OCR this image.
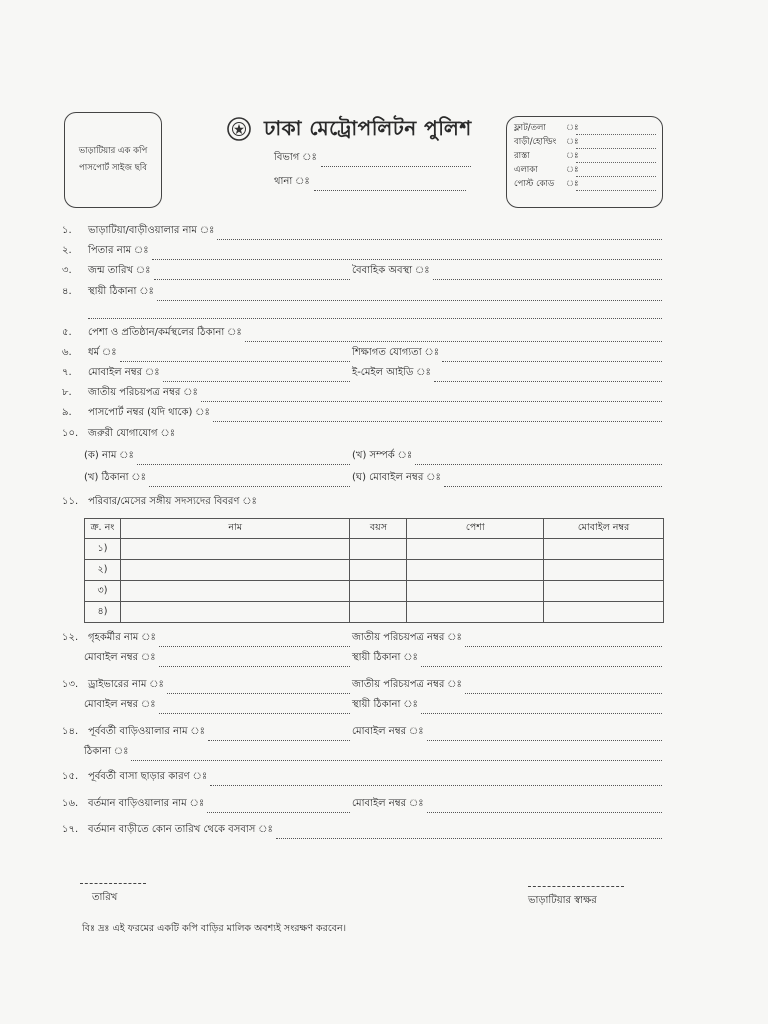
ভাড়াটিয়ার এক কপি পাসপোর্ট সাইজ ছবি
ঢাকা মেট্রোপলিটন পুলিশ
বিভাগ ঃ
থানা ঃ
ফ্লাট/তলা	ঃ
বাড়ী/হোল্ডিং	ঃ
রাস্তা	ঃ
এলাকা	ঃ
পোস্ট কোড	ঃ
১.	ভাড়াটিয়া/বাড়ীওয়ালার নাম ঃ
২.	পিতার নাম ঃ
৩.	জন্ম তারিখ ঃ	বৈবাহিক অবস্থা ঃ
৪.	স্থায়ী ঠিকানা ঃ
৫.	পেশা ও প্রতিষ্ঠান/কর্মস্থলের ঠিকানা ঃ
৬.	ধর্ম ঃ	শিক্ষাগত যোগ্যতা ঃ
৭.	মোবাইল নম্বর ঃ	ই-মেইল আইডি ঃ
৮.	জাতীয় পরিচয়পত্র নম্বর ঃ
৯.	পাসপোর্ট নম্বর (যদি থাকে) ঃ
১০. জরুরী যোগাযোগ ঃ
(ক) নাম ঃ	(খ) সম্পর্ক ঃ
(খ) ঠিকানা ঃ	(ঘ) মোবাইল নম্বর ঃ
১১. পরিবার/মেসের সঙ্গীয় সদস্যদের বিবরণ ঃ
ক্র. নং	নাম	বয়স	পেশা	মোবাইল নম্বর
১)				
২)				
৩)				
৪)				
১২. গৃহকর্মীর নাম ঃ	জাতীয় পরিচয়পত্র নম্বর ঃ
মোবাইল নম্বর ঃ	স্থায়ী ঠিকানা ঃ
১৩. ড্রাইভারের নাম ঃ	জাতীয় পরিচয়পত্র নম্বর ঃ
মোবাইল নম্বর ঃ	স্থায়ী ঠিকানা ঃ
১৪. পূর্ববর্তী বাড়িওয়ালার নাম ঃ	মোবাইল নম্বর ঃ
ঠিকানা ঃ
১৫. পূর্ববর্তী বাসা ছাড়ার কারণ ঃ
১৬. বর্তমান বাড়িওয়ালার নাম ঃ	মোবাইল নম্বর ঃ
১৭. বর্তমান বাড়ীতে কোন তারিখ থেকে বসবাস ঃ
তারিখ	ভাড়াটিয়ার স্বাক্ষর
বিঃ দ্রঃ এই ফরমের একটি কপি বাড়ির মালিক অবশ্যই সংরক্ষণ করবেন।
